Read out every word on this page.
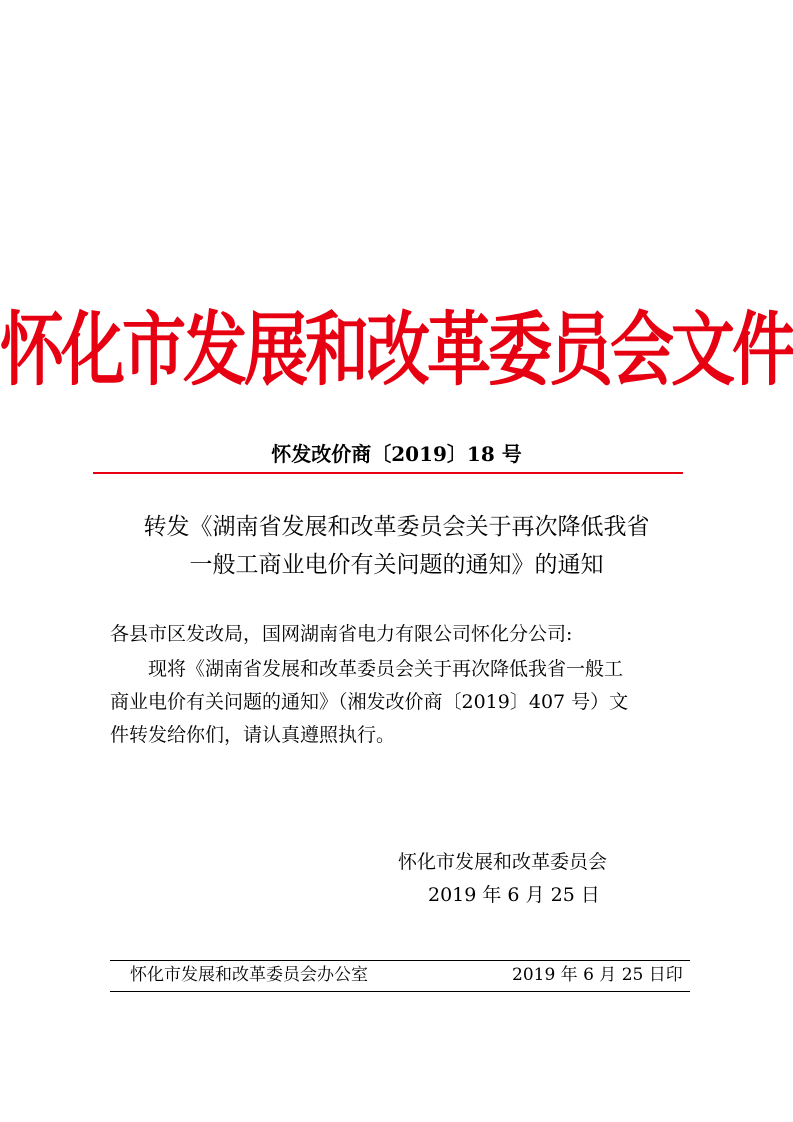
怀化市发展和改革委员会文件
怀发改价商〔2019〕18 号
转发《湖南省发展和改革委员会关于再次降低我省
一般工商业电价有关问题的通知》的通知
各县市区发改局，国网湖南省电力有限公司怀化分公司:
现将《湖南省发展和改革委员会关于再次降低我省一般工
商业电价有关问题的通知》（湘发改价商〔2019〕407 号）文
件转发给你们，请认真遵照执行。
怀化市发展和改革委员会
2019 年 6 月 25 日
怀化市发展和改革委员会办公室	2019 年 6 月 25 日印
